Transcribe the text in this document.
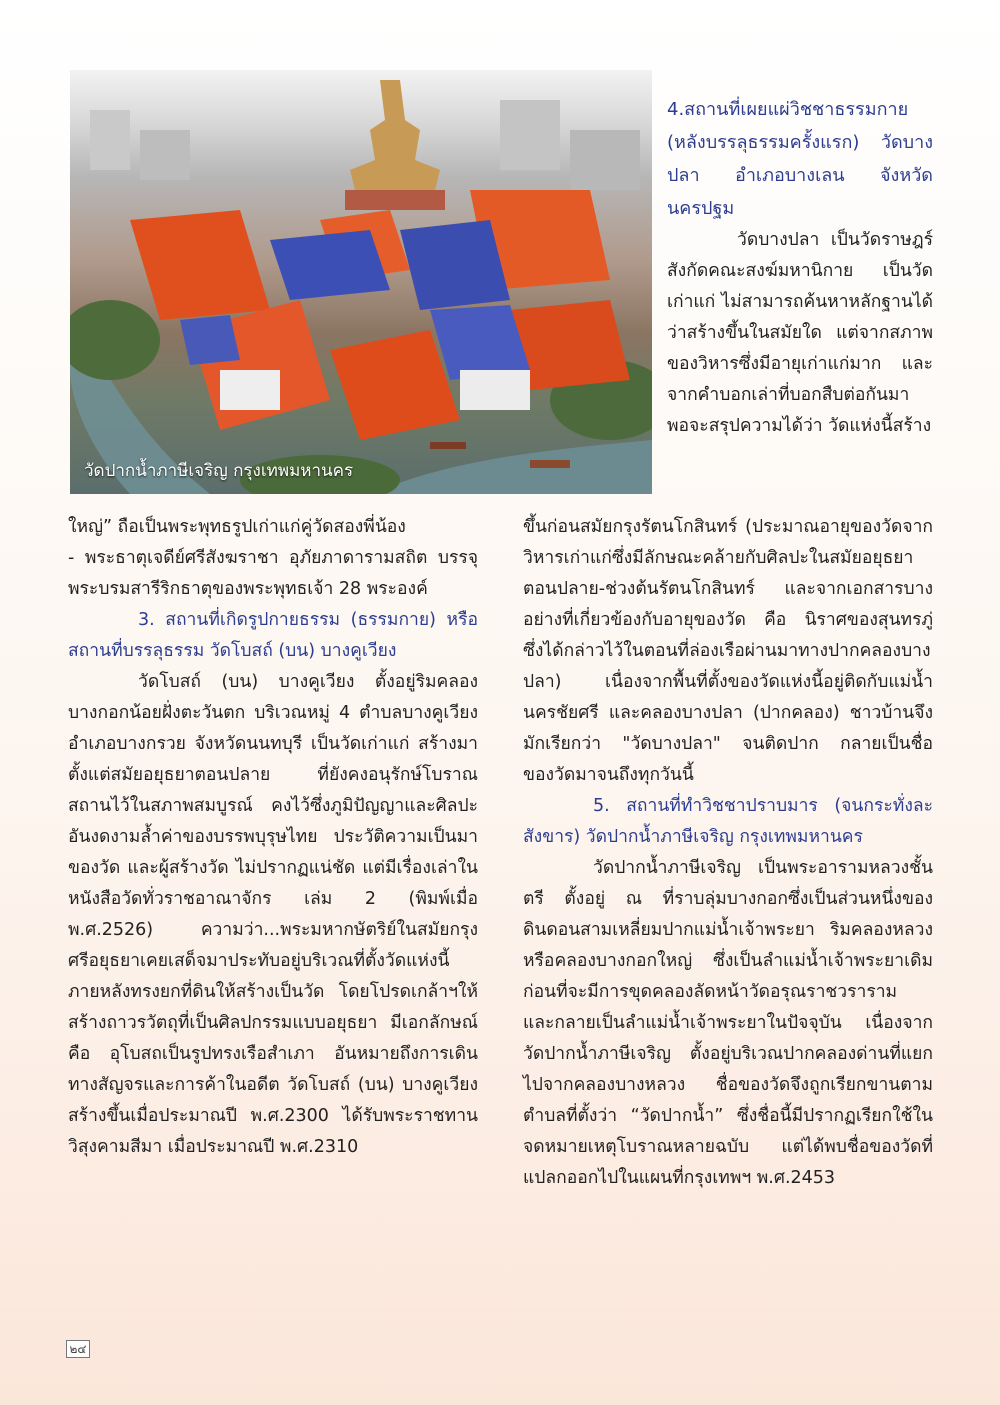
วัดปากน้ำภาษีเจริญ กรุงเทพมหานคร

4.สถานที่เผยแผ่วิชชาธรรมกาย (หลังบรรลุธรรมครั้งแรก) วัดบางปลา อำเภอบางเลน จังหวัดนครปฐม

วัดบางปลา เป็นวัดราษฎร์ สังกัดคณะสงฆ์มหานิกาย เป็นวัดเก่าแก่ ไม่สามารถค้นหาหลักฐานได้ว่าสร้างขึ้นในสมัยใด แต่จากสภาพของวิหารซึ่งมีอายุเก่าแก่มาก และจากคำบอกเล่าที่บอกสืบต่อกันมา พอจะสรุปความได้ว่า วัดแห่งนี้สร้าง

ใหญ่” ถือเป็นพระพุทธรูปเก่าแก่คู่วัดสองพี่น้อง

- พระธาตุเจดีย์ศรีสังฆราชา อุภัยภาดารามสถิต บรรจุพระบรมสารีริกธาตุของพระพุทธเจ้า 28 พระองค์

3. สถานที่เกิดรูปกายธรรม (ธรรมกาย) หรือสถานที่บรรลุธรรม วัดโบสถ์ (บน) บางคูเวียง

วัดโบสถ์ (บน) บางคูเวียง ตั้งอยู่ริมคลองบางกอกน้อยฝั่งตะวันตก บริเวณหมู่ 4 ตำบลบางคูเวียง อำเภอบางกรวย จังหวัดนนทบุรี เป็นวัดเก่าแก่ สร้างมาตั้งแต่สมัยอยุธยาตอนปลาย ที่ยังคงอนุรักษ์โบราณสถานไว้ในสภาพสมบูรณ์ คงไว้ซึ่งภูมิปัญญาและศิลปะอันงดงามล้ำค่าของบรรพบุรุษไทย ประวัติความเป็นมาของวัด และผู้สร้างวัด ไม่ปรากฏแน่ชัด แต่มีเรื่องเล่าในหนังสือวัดทั่วราชอาณาจักร เล่ม 2 (พิมพ์เมื่อ พ.ศ.2526) ความว่า...พระมหากษัตริย์ในสมัยกรุงศรีอยุธยาเคยเสด็จมาประทับอยู่บริเวณที่ตั้งวัดแห่งนี้ ภายหลังทรงยกที่ดินให้สร้างเป็นวัด โดยโปรดเกล้าฯให้สร้างถาวรวัตถุที่เป็นศิลปกรรมแบบอยุธยา มีเอกลักษณ์ คือ อุโบสถเป็นรูปทรงเรือสำเภา อันหมายถึงการเดินทางสัญจรและการค้าในอดีต วัดโบสถ์ (บน) บางคูเวียง สร้างขึ้นเมื่อประมาณปี พ.ศ.2300 ได้รับพระราชทานวิสุงคามสีมา เมื่อประมาณปี พ.ศ.2310

ขึ้นก่อนสมัยกรุงรัตนโกสินทร์ (ประมาณอายุของวัดจากวิหารเก่าแก่ซึ่งมีลักษณะคล้ายกับศิลปะในสมัยอยุธยาตอนปลาย-ช่วงต้นรัตนโกสินทร์ และจากเอกสารบางอย่างที่เกี่ยวข้องกับอายุของวัด คือ นิราศของสุนทรภู่ ซึ่งได้กล่าวไว้ในตอนที่ล่องเรือผ่านมาทางปากคลองบางปลา) เนื่องจากพื้นที่ตั้งของวัดแห่งนี้อยู่ติดกับแม่น้ำนครชัยศรี และคลองบางปลา (ปากคลอง) ชาวบ้านจึงมักเรียกว่า "วัดบางปลา" จนติดปาก กลายเป็นชื่อของวัดมาจนถึงทุกวันนี้

5. สถานที่ทำวิชชาปราบมาร (จนกระทั่งละสังขาร) วัดปากน้ำภาษีเจริญ กรุงเทพมหานคร

วัดปากน้ำภาษีเจริญ เป็นพระอารามหลวงชั้นตรี ตั้งอยู่ ณ ที่ราบลุ่มบางกอกซึ่งเป็นส่วนหนึ่งของดินดอนสามเหลี่ยมปากแม่น้ำเจ้าพระยา ริมคลองหลวงหรือคลองบางกอกใหญ่ ซึ่งเป็นลำแม่น้ำเจ้าพระยาเดิม ก่อนที่จะมีการขุดคลองลัดหน้าวัดอรุณราชวราราม และกลายเป็นลำแม่น้ำเจ้าพระยาในปัจจุบัน เนื่องจากวัดปากน้ำภาษีเจริญ ตั้งอยู่บริเวณปากคลองด่านที่แยกไปจากคลองบางหลวง ชื่อของวัดจึงถูกเรียกขานตามตำบลที่ตั้งว่า “วัดปากน้ำ” ซึ่งชื่อนี้มีปรากฏเรียกใช้ในจดหมายเหตุโบราณหลายฉบับ แต่ได้พบชื่อของวัดที่แปลกออกไปในแผนที่กรุงเทพฯ พ.ศ.2453

๒๔
